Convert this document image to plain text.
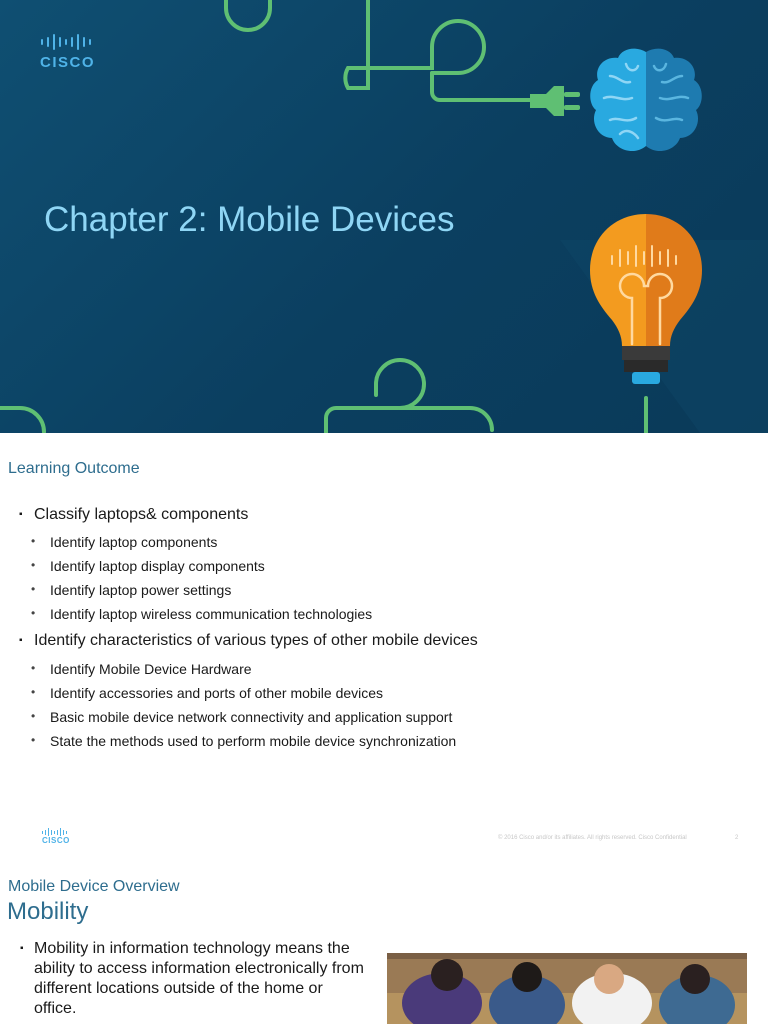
CISCO
Chapter 2: Mobile Devices
Learning Outcome
▪ Classify laptops& components
• Identify laptop components
• Identify laptop display components
• Identify laptop power settings
• Identify laptop wireless communication technologies
▪ Identify characteristics of various types of other mobile devices
• Identify Mobile Device Hardware
• Identify accessories and ports of other mobile devices
• Basic mobile device network connectivity and application support
• State the methods used to perform mobile device synchronization
CISCO	© 2016 Cisco and/or its affiliates. All rights reserved. Cisco Confidential	2
Mobile Device Overview
Mobility
▪ Mobility in information technology means the ability to access information electronically from different locations outside of the home or office.
